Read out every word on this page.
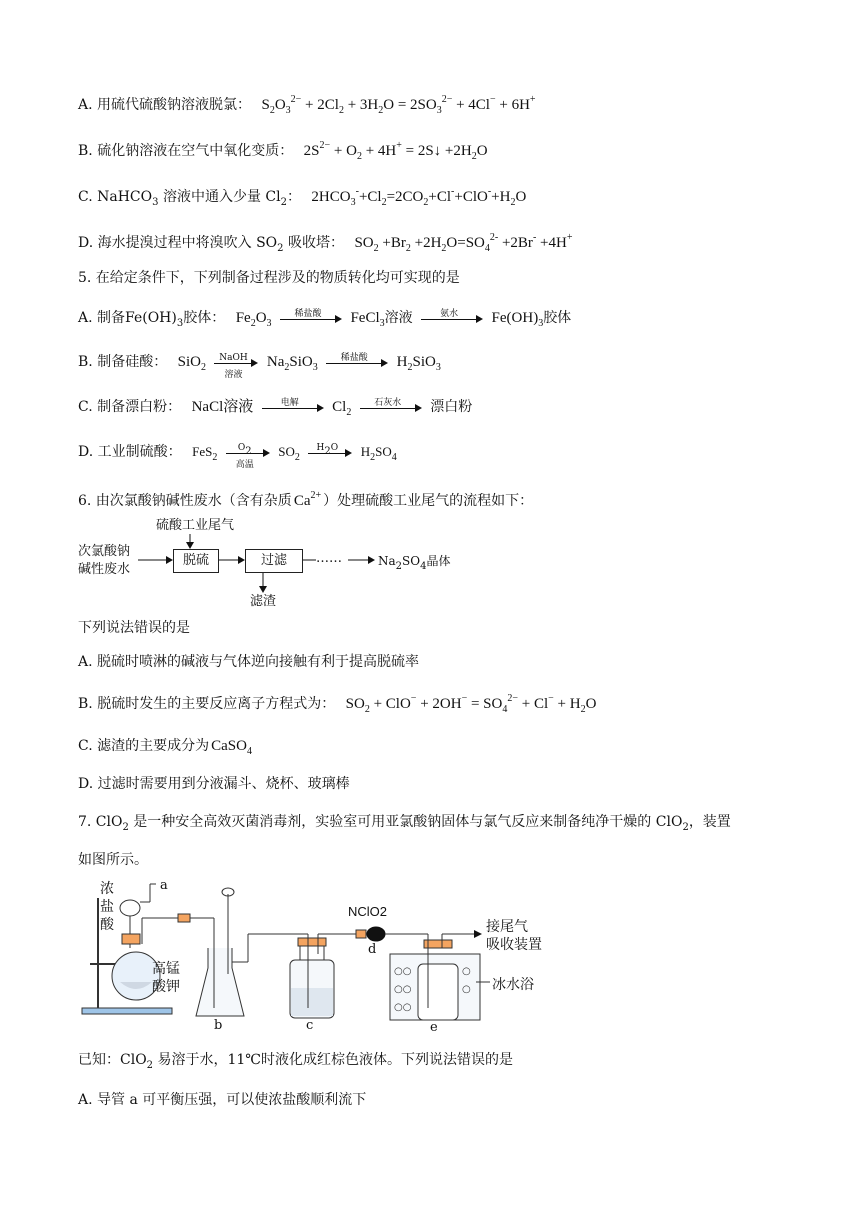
A. 用硫代硫酸钠溶液脱氯： $S_2O_3^{2-} + 2Cl_2 + 3H_2O = 2SO_3^{2-} + 4Cl^- + 6H^+$
B. 硫化钠溶液在空气中氧化变质： $2S^{2-} + O_2 + 4H^+$ = 2S↓ $+2H_2O$
C. NaHCO$_3$ 溶液中通入少量 $Cl_2$： $2HCO_3^-+Cl_2=2CO_2+Cl^-+ClO^-+H_2O$
D. 海水提溴过程中将溴吹入 $SO_2$ 吸收塔： $SO_2 +Br_2 +2H_2O=SO_4^{2-} +2Br^- +4H^+$
5. 在给定条件下，下列制备过程涉及的物质转化均可实现的是
A. 制备$Fe(OH)_3$胶体： $Fe_2O_3$
稀盐酸	FeCl$_3$溶液	氨水	$Fe(OH)_3$胶体
B. 制备硅酸： SiO$_2$
NaOH
溶液
$Na_2SiO_3$
稀盐酸	$H_2SiO_3$
C. 制备漂白粉： NaCl溶液	电解	$Cl_2$
石灰水	漂白粉
D. 工业制硫酸： FeS$_2$
O2
高温
$SO_2$
H2O	$H_2SO_4$
6. 由次氯酸钠碱性废水（含有杂质 $Ca^{2+}$ ）处理硫酸工业尾气的流程如下：
次氯酸钠
碱性废水
硫酸工业尾气
脱硫	过滤	……	$Na_2SO_4$晶体
滤渣
下列说法错误的是
A. 脱硫时喷淋的碱液与气体逆向接触有利于提高脱硫率
B. 脱硫时发生的主要反应离子方程式为： $SO_2 + ClO^- + 2OH^- = SO_4^{2-} + Cl^- + H_2O$
C. 滤渣的主要成分为 CaSO$_4$
D. 过滤时需要用到分液漏斗、烧杯、玻璃棒
7. ClO$_2$ 是一种安全高效灭菌消毒剂，实验室可用亚氯酸钠固体与氯气反应来制备纯净干燥的 ClO$_2$，装置
如图所示。
○○
○○
○○
○
○
浓
盐
酸
a
高锰
酸钾
b	c
d
e
NClO2
接尾气
吸收装置
冰水浴
已知：ClO$_2$ 易溶于水，11℃时液化成红棕色液体。下列说法错误的是
A. 导管 a 可平衡压强，可以使浓盐酸顺利流下
